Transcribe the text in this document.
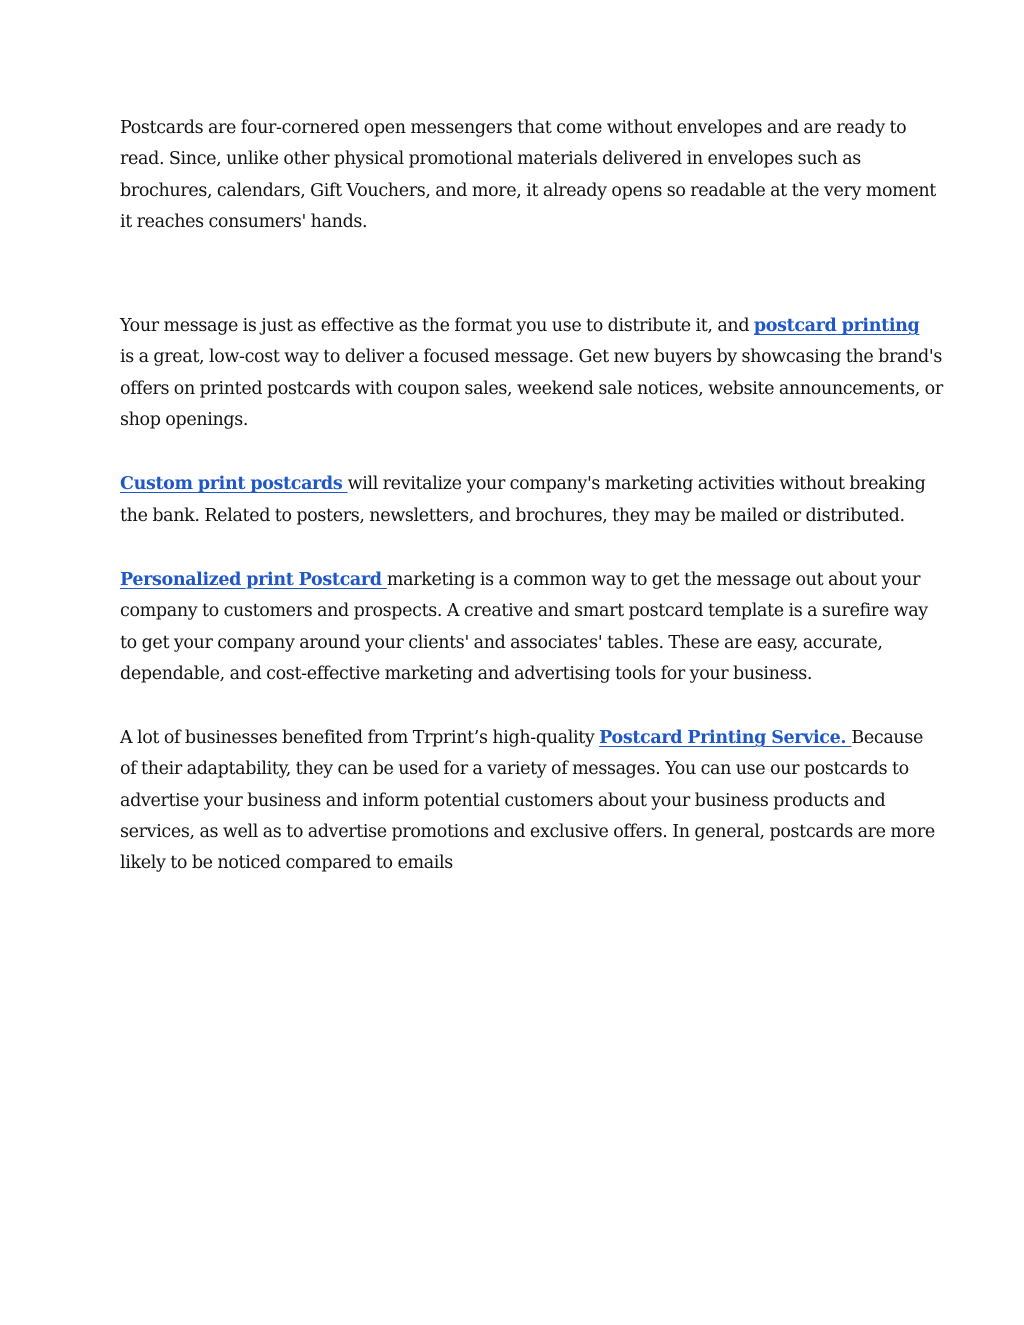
Postcards are four-cornered open messengers that come without envelopes and are ready to

read. Since, unlike other physical promotional materials delivered in envelopes such as

brochures, calendars, Gift Vouchers, and more, it already opens so readable at the very moment

it reaches consumers' hands.

Your message is just as effective as the format you use to distribute it, and postcard printing

is a great, low-cost way to deliver a focused message. Get new buyers by showcasing the brand's

offers on printed postcards with coupon sales, weekend sale notices, website announcements, or

shop openings.

Custom print postcards will revitalize your company's marketing activities without breaking

the bank. Related to posters, newsletters, and brochures, they may be mailed or distributed.

Personalized print Postcard marketing is a common way to get the message out about your

company to customers and prospects. A creative and smart postcard template is a surefire way

to get your company around your clients' and associates' tables. These are easy, accurate,

dependable, and cost-effective marketing and advertising tools for your business.

A lot of businesses benefited from Trprint’s high-quality Postcard Printing Service. Because

of their adaptability, they can be used for a variety of messages. You can use our postcards to

advertise your business and inform potential customers about your business products and

services, as well as to advertise promotions and exclusive offers. In general, postcards are more

likely to be noticed compared to emails
